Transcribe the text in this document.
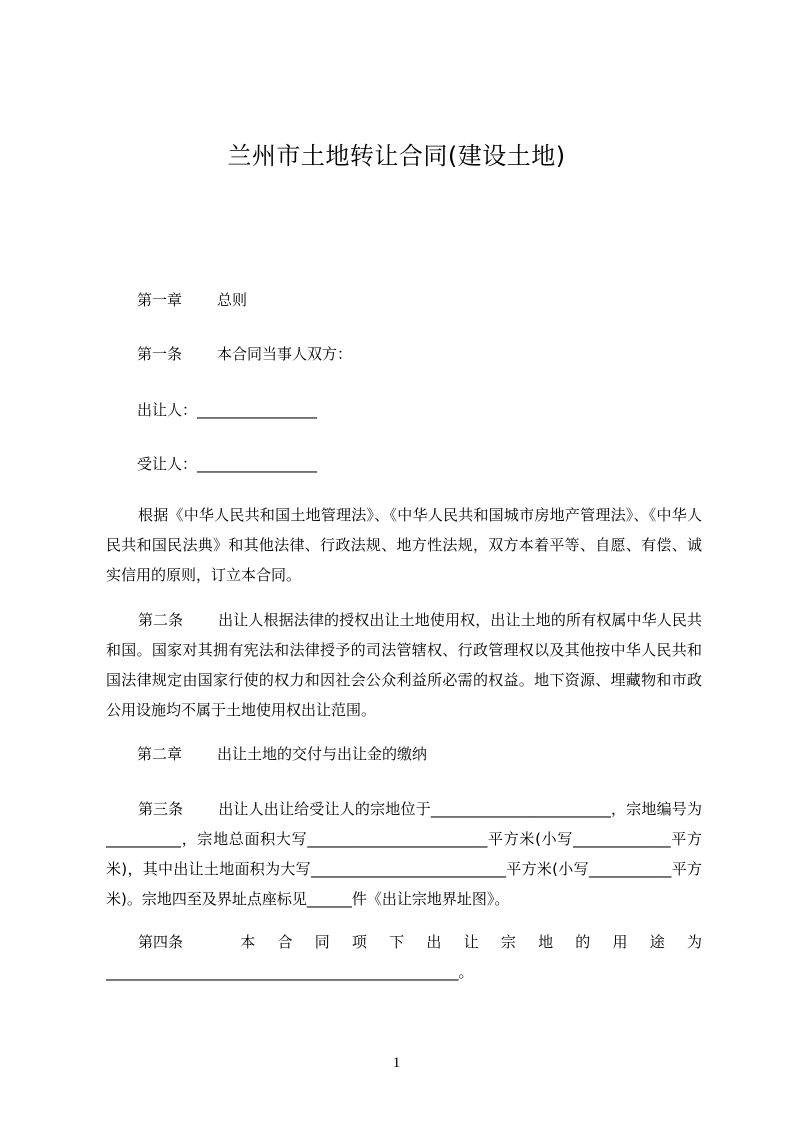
兰州市土地转让合同(建设土地)
第一章 总则
第一条 本合同当事人双方：
出让人：________________
受让人：________________
根据《中华人民共和国土地管理法》、《中华人民共和国城市房地产管理法》、《中华人民共和国民法典》和其他法律、行政法规、地方性法规，双方本着平等、自愿、有偿、诚实信用的原则，订立本合同。
第二条 出让人根据法律的授权出让土地使用权，出让土地的所有权属中华人民共和国。国家对其拥有宪法和法律授予的司法管辖权、行政管理权以及其他按中华人民共和国法律规定由国家行使的权力和因社会公众利益所必需的权益。地下资源、埋藏物和市政公用设施均不属于土地使用权出让范围。
第二章 出让土地的交付与出让金的缴纳
第三条 出让人出让给受让人的宗地位于________________________，宗地编号为__________，宗地总面积大写________________________平方米(小写_____________平方米)，其中出让土地面积为大写__________________________平方米(小写___________平方米)。宗地四至及界址点座标见______件《出让宗地界址图》。
第四条 本合同项下出让宗地的用途为_______________________________________________。
1
